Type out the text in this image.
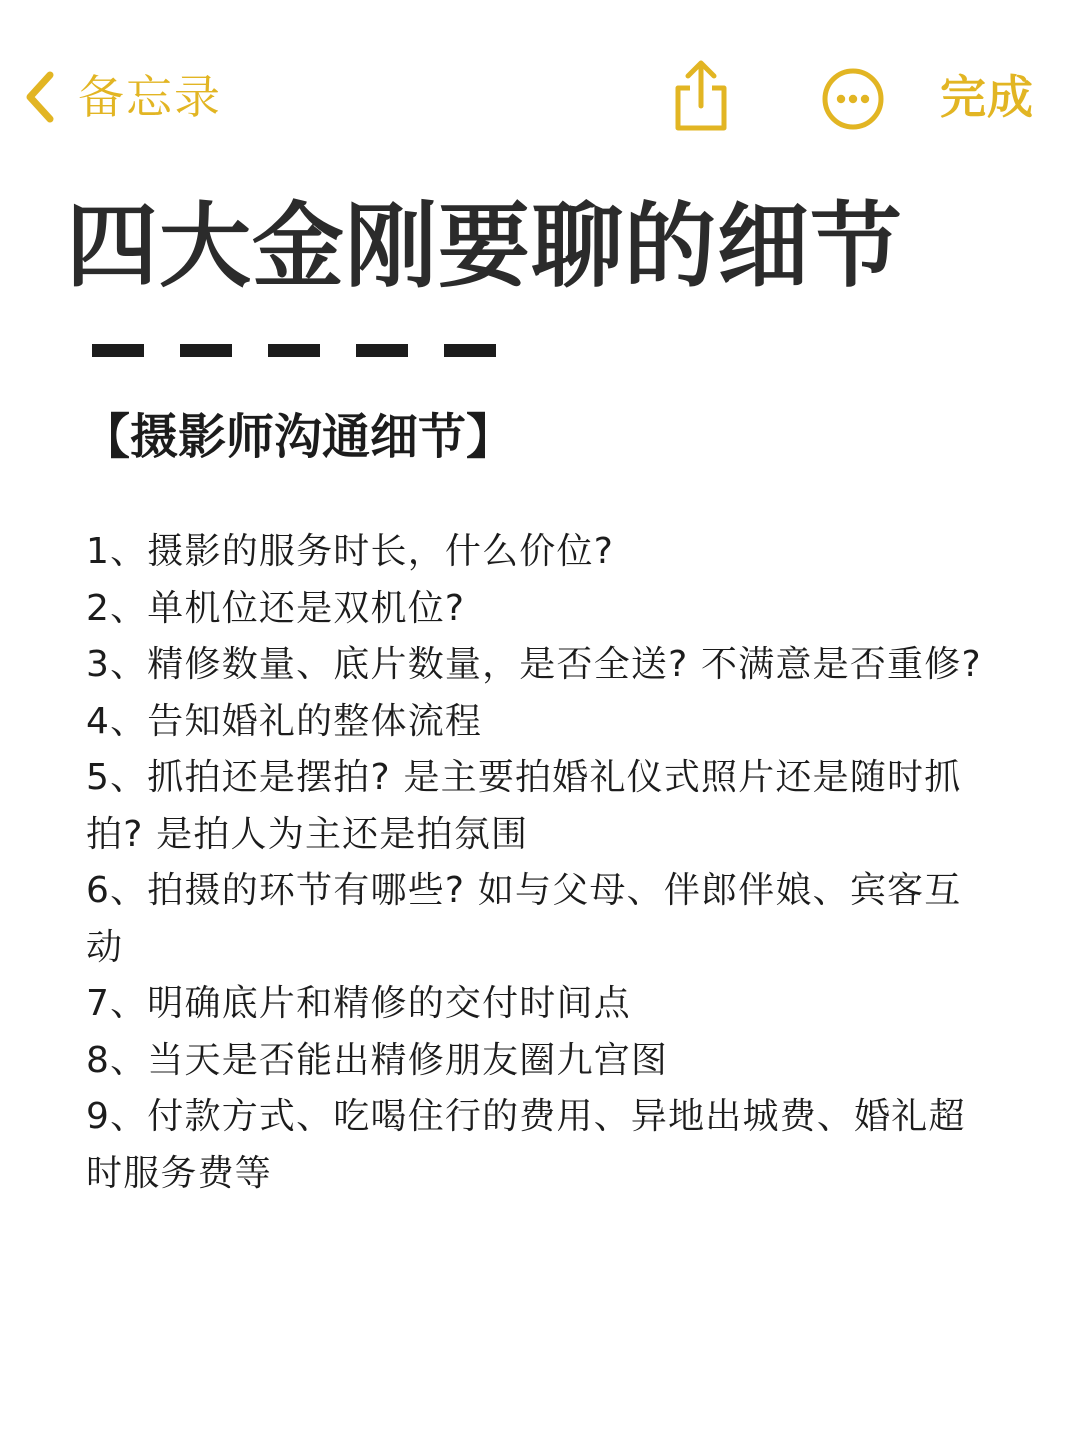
备忘录	完成
四大金刚要聊的细节
【摄影师沟通细节】
1、摄影的服务时长，什么价位?
2、单机位还是双机位?
3、精修数量、底片数量，是否全送? 不满意是否重修?
4、告知婚礼的整体流程
5、抓拍还是摆拍? 是主要拍婚礼仪式照片还是随时抓拍? 是拍人为主还是拍氛围
6、拍摄的环节有哪些? 如与父母、伴郎伴娘、宾客互动
7、明确底片和精修的交付时间点
8、当天是否能出精修朋友圈九宫图
9、付款方式、吃喝住行的费用、异地出城费、婚礼超时服务费等
